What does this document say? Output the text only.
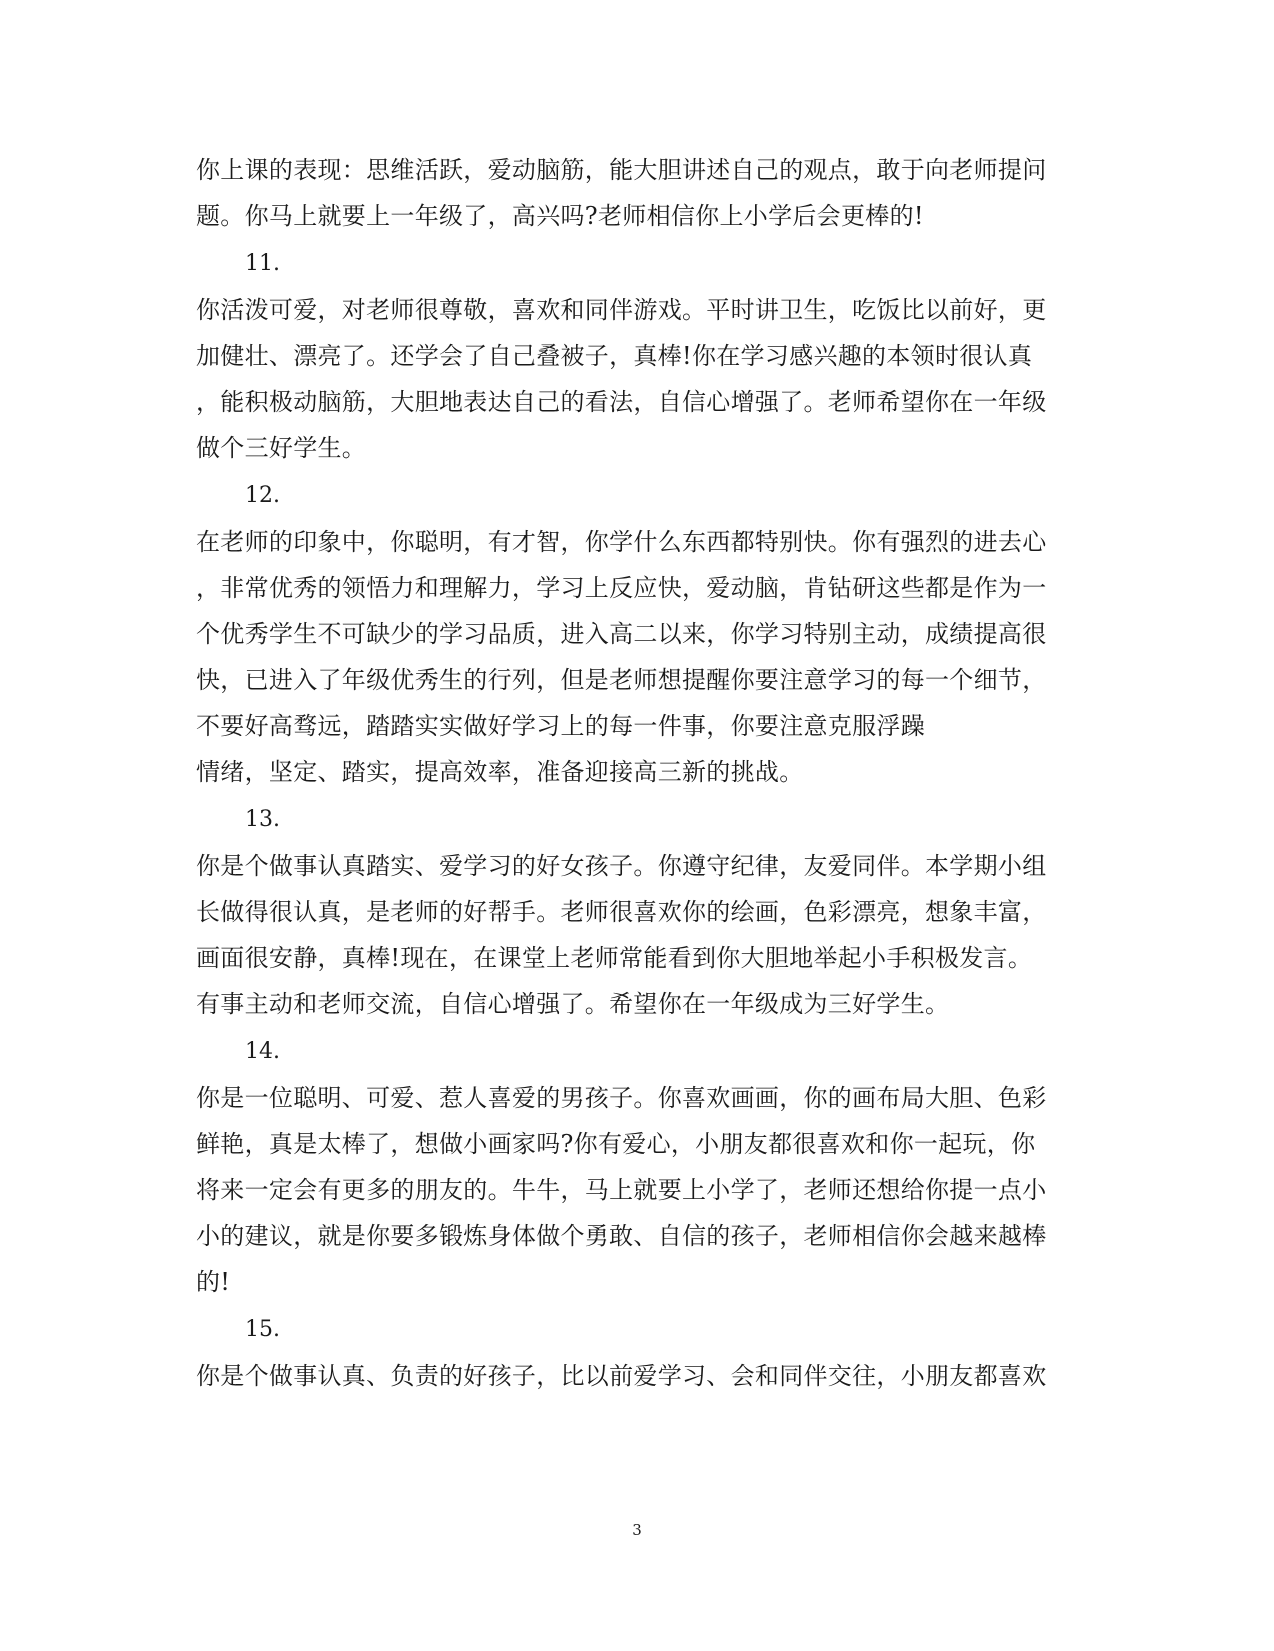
你上课的表现：思维活跃，爱动脑筋，能大胆讲述自己的观点，敢于向老师提问
题。你马上就要上一年级了，高兴吗?老师相信你上小学后会更棒的!
11.
你活泼可爱，对老师很尊敬，喜欢和同伴游戏。平时讲卫生，吃饭比以前好，更
加健壮、漂亮了。还学会了自己叠被子，真棒!你在学习感兴趣的本领时很认真
，能积极动脑筋，大胆地表达自己的看法，自信心增强了。老师希望你在一年级
做个三好学生。
12.
在老师的印象中，你聪明，有才智，你学什么东西都特别快。你有强烈的进去心
，非常优秀的领悟力和理解力，学习上反应快，爱动脑，肯钻研这些都是作为一
个优秀学生不可缺少的学习品质，进入高二以来，你学习特别主动，成绩提高很
快，已进入了年级优秀生的行列，但是老师想提醒你要注意学习的每一个细节，
不要好高骛远，踏踏实实做好学习上的每一件事，你要注意克服浮躁
情绪，坚定、踏实，提高效率，准备迎接高三新的挑战。
13.
你是个做事认真踏实、爱学习的好女孩子。你遵守纪律，友爱同伴。本学期小组
长做得很认真，是老师的好帮手。老师很喜欢你的绘画，色彩漂亮，想象丰富，
画面很安静，真棒!现在，在课堂上老师常能看到你大胆地举起小手积极发言。
有事主动和老师交流，自信心增强了。希望你在一年级成为三好学生。
14.
你是一位聪明、可爱、惹人喜爱的男孩子。你喜欢画画，你的画布局大胆、色彩
鲜艳，真是太棒了，想做小画家吗?你有爱心，小朋友都很喜欢和你一起玩，你
将来一定会有更多的朋友的。牛牛，马上就要上小学了，老师还想给你提一点小
小的建议，就是你要多锻炼身体做个勇敢、自信的孩子，老师相信你会越来越棒
的!
15.
你是个做事认真、负责的好孩子，比以前爱学习、会和同伴交往，小朋友都喜欢
3
